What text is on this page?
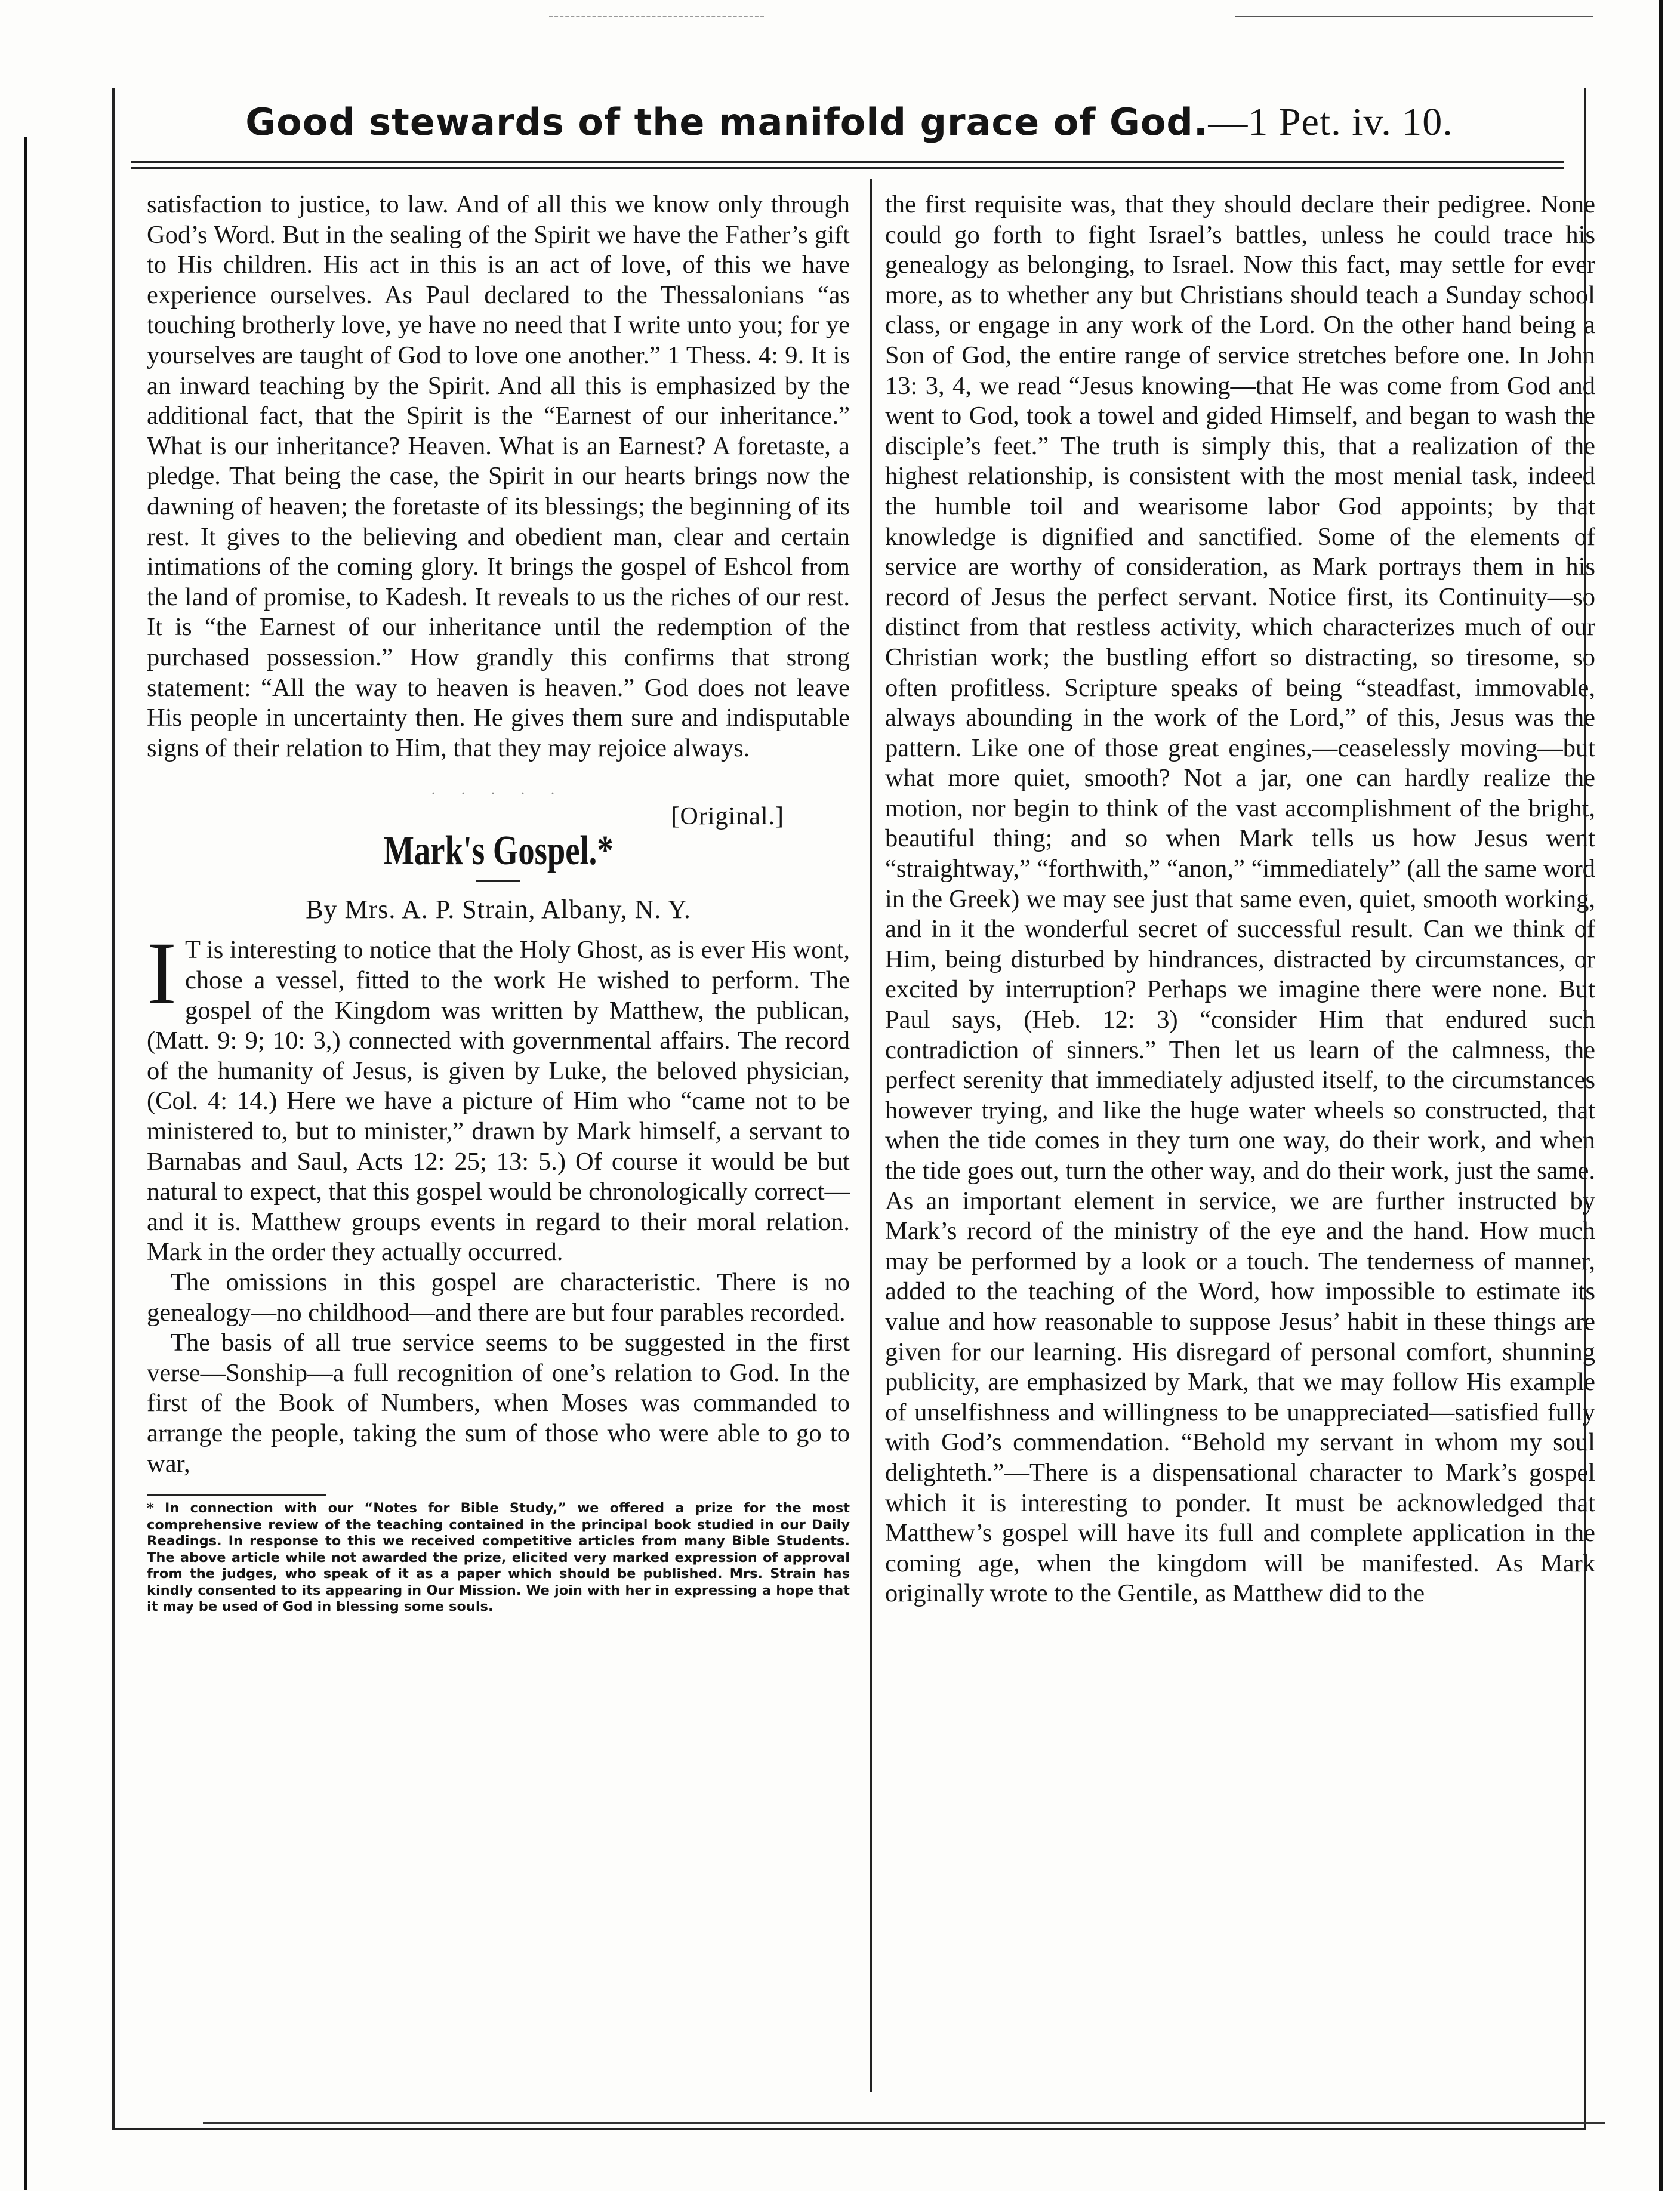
Good stewards of the manifold grace of God.—1 Pet. iv. 10.

satisfaction to justice, to law. And of all this we know only through God’s Word. But in the sealing of the Spirit we have the Father’s gift to His children. His act in this is an act of love, of this we have experience ourselves. As Paul declared to the Thessalonians “as touching brotherly love, ye have no need that I write unto you; for ye yourselves are taught of God to love one another.” 1 Thess. 4: 9. It is an inward teaching by the Spirit. And all this is emphasized by the additional fact, that the Spirit is the “Earnest of our inheritance.” What is our inheritance? Heaven. What is an Earnest? A foretaste, a pledge. That being the case, the Spirit in our hearts brings now the dawning of heaven; the foretaste of its blessings; the beginning of its rest. It gives to the believing and obedient man, clear and certain intimations of the coming glory. It brings the gospel of Eshcol from the land of promise, to Kadesh. It reveals to us the riches of our rest. It is “the Earnest of our inheritance until the redemption of the purchased possession.” How grandly this confirms that strong statement: “All the way to heaven is heaven.” God does not leave His people in uncertainty then. He gives them sure and indisputable signs of their relation to Him, that they may rejoice always.

· · · · ·
[Original.]
Mark's Gospel.*
By Mrs. A. P. Strain, Albany, N. Y.

I T is interesting to notice that the Holy Ghost, as is ever His wont, chose a vessel, fitted to the work He wished to perform. The gospel of the Kingdom was written by Matthew, the publican, (Matt. 9: 9; 10: 3,) connected with governmental affairs. The record of the humanity of Jesus, is given by Luke, the beloved physician, (Col. 4: 14.) Here we have a picture of Him who “came not to be ministered to, but to minister,” drawn by Mark himself, a servant to Barnabas and Saul, Acts 12: 25; 13: 5.) Of course it would be but natural to expect, that this gospel would be chronologically correct—and it is. Matthew groups events in regard to their moral relation. Mark in the order they actually occurred.

The omissions in this gospel are characteristic. There is no genealogy—no childhood—and there are but four parables recorded.

The basis of all true service seems to be suggested in the first verse—Sonship—a full recognition of one’s relation to God. In the first of the Book of Numbers, when Moses was commanded to arrange the people, taking the sum of those who were able to go to war,

* In connection with our “Notes for Bible Study,” we offered a prize for the most comprehensive review of the teaching contained in the principal book studied in our Daily Readings. In response to this we received competitive articles from many Bible Students. The above article while not awarded the prize, elicited very marked expression of approval from the judges, who speak of it as a paper which should be published. Mrs. Strain has kindly consented to its appearing in Our Mission. We join with her in expressing a hope that it may be used of God in blessing some souls.

the first requisite was, that they should declare their pedigree. None could go forth to fight Israel’s battles, unless he could trace his genealogy as belonging, to Israel. Now this fact, may settle for ever more, as to whether any but Christians should teach a Sunday school class, or engage in any work of the Lord. On the other hand being a Son of God, the entire range of service stretches before one. In John 13: 3, 4, we read “Jesus knowing—that He was come from God and went to God, took a towel and gided Himself, and began to wash the disciple’s feet.” The truth is simply this, that a realization of the highest relationship, is consistent with the most menial task, indeed the humble toil and wearisome labor God appoints; by that knowledge is dignified and sanctified. Some of the elements of service are worthy of consideration, as Mark portrays them in his record of Jesus the perfect servant. Notice first, its Continuity—so distinct from that restless activity, which characterizes much of our Christian work; the bustling effort so distracting, so tiresome, so often profitless. Scripture speaks of being “steadfast, immovable, always abounding in the work of the Lord,” of this, Jesus was the pattern. Like one of those great engines,—ceaselessly moving—but what more quiet, smooth? Not a jar, one can hardly realize the motion, nor begin to think of the vast accomplishment of the bright, beautiful thing; and so when Mark tells us how Jesus went “straightway,” “forthwith,” “anon,” “immediately” (all the same word in the Greek) we may see just that same even, quiet, smooth working, and in it the wonderful secret of successful result. Can we think of Him, being disturbed by hindrances, distracted by circumstances, or excited by interruption? Perhaps we imagine there were none. But Paul says, (Heb. 12: 3) “consider Him that endured such contradiction of sinners.” Then let us learn of the calmness, the perfect serenity that immediately adjusted itself, to the circumstances however trying, and like the huge water wheels so constructed, that when the tide comes in they turn one way, do their work, and when the tide goes out, turn the other way, and do their work, just the same. As an important element in service, we are further instructed by Mark’s record of the ministry of the eye and the hand. How much may be performed by a look or a touch. The tenderness of manner, added to the teaching of the Word, how impossible to estimate its value and how reasonable to suppose Jesus’ habit in these things are given for our learning. His disregard of personal comfort, shunning publicity, are emphasized by Mark, that we may follow His example of unselfishness and willingness to be unappreciated—satisfied fully with God’s commendation. “Behold my servant in whom my soul delighteth.”—There is a dispensational character to Mark’s gospel which it is interesting to ponder. It must be acknowledged that Matthew’s gospel will have its full and complete application in the coming age, when the kingdom will be manifested. As Mark originally wrote to the Gentile, as Matthew did to the
